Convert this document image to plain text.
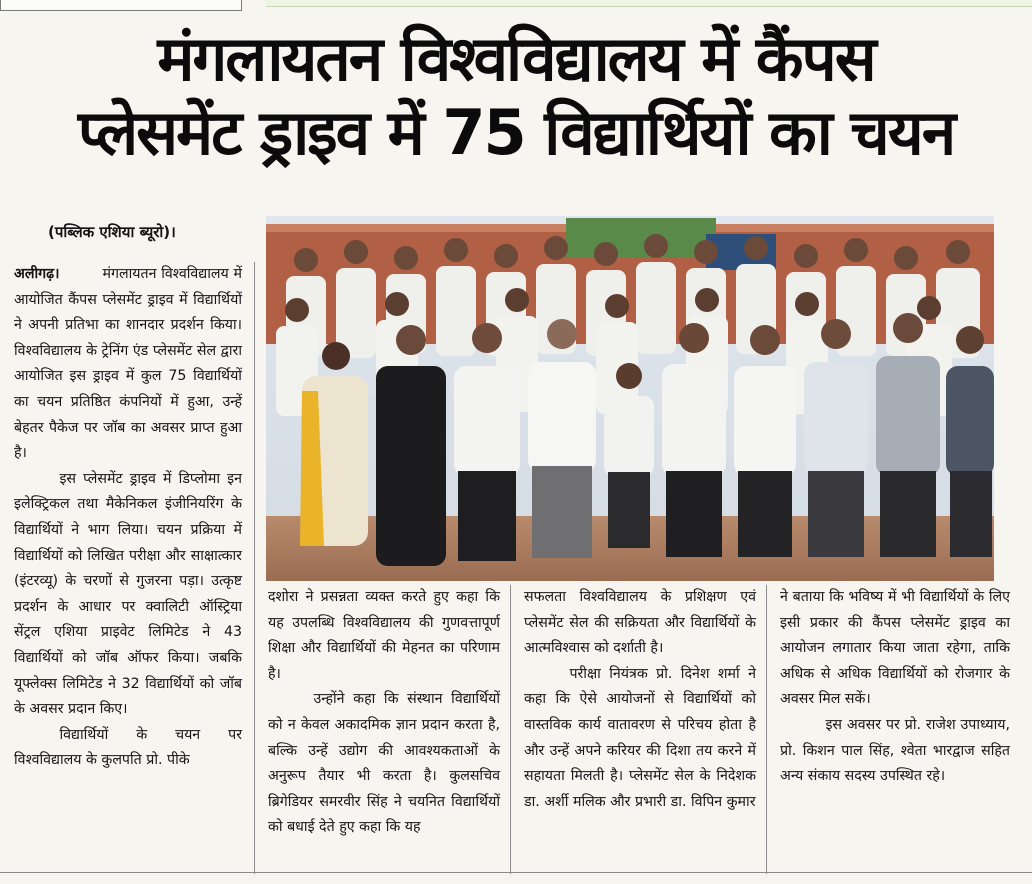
मंगलायतन विश्वविद्यालय में कैंपस
प्लेसमेंट ड्राइव में 75 विद्यार्थियों का चयन
(पब्लिक एशिया ब्यूरो)।

अलीगढ़।	मंगलायतन विश्वविद्यालय में आयोजित कैंपस प्लेसमेंट ड्राइव में विद्यार्थियों ने अपनी प्रतिभा का शानदार प्रदर्शन किया। विश्वविद्यालय के ट्रेनिंग एंड प्लेसमेंट सेल द्वारा आयोजित इस ड्राइव में कुल 75 विद्यार्थियों का चयन प्रतिष्ठित कंपनियों में हुआ, उन्हें बेहतर पैकेज पर जॉब का अवसर प्राप्त हुआ है।

इस प्लेसमेंट ड्राइव में डिप्लोमा इन इलेक्ट्रिकल तथा मैकेनिकल इंजीनियरिंग के विद्यार्थियों ने भाग लिया। चयन प्रक्रिया में विद्यार्थियों को लिखित परीक्षा और साक्षात्कार (इंटरव्यू) के चरणों से गुजरना पड़ा। उत्कृष्ट प्रदर्शन के आधार पर क्वालिटी ऑस्ट्रिया सेंट्रल एशिया प्राइवेट लिमिटेड ने 43 विद्यार्थियों को जॉब ऑफर किया। जबकि यूफ्लेक्स लिमिटेड ने 32 विद्यार्थियों को जॉब के अवसर प्रदान किए।

विद्यार्थियों के चयन पर विश्वविद्यालय के कुलपति प्रो. पीके

दशोरा ने प्रसन्नता व्यक्त करते हुए कहा कि यह उपलब्धि विश्वविद्यालय की गुणवत्तापूर्ण शिक्षा और विद्यार्थियों की मेहनत का परिणाम है।

उन्होंने कहा कि संस्थान विद्यार्थियों को न केवल अकादमिक ज्ञान प्रदान करता है, बल्कि उन्हें उद्योग की आवश्यकताओं के अनुरूप तैयार भी करता है। कुलसचिव ब्रिगेडियर समरवीर सिंह ने चयनित विद्यार्थियों को बधाई देते हुए कहा कि यह

सफलता विश्वविद्यालय के प्रशिक्षण एवं प्लेसमेंट सेल की सक्रियता और विद्यार्थियों के आत्मविश्वास को दर्शाती है।

परीक्षा नियंत्रक प्रो. दिनेश शर्मा ने कहा कि ऐसे आयोजनों से विद्यार्थियों को वास्तविक कार्य वातावरण से परिचय होता है और उन्हें अपने करियर की दिशा तय करने में सहायता मिलती है। प्लेसमेंट सेल के निदेशक डा. अर्शी मलिक और प्रभारी डा. विपिन कुमार

ने बताया कि भविष्य में भी विद्यार्थियों के लिए इसी प्रकार की कैंपस प्लेसमेंट ड्राइव का आयोजन लगातार किया जाता रहेगा, ताकि अधिक से अधिक विद्यार्थियों को रोजगार के अवसर मिल सकें।

इस अवसर पर प्रो. राजेश उपाध्याय, प्रो. किशन पाल सिंह, श्वेता भारद्वाज सहित अन्य संकाय सदस्य उपस्थित रहे।
